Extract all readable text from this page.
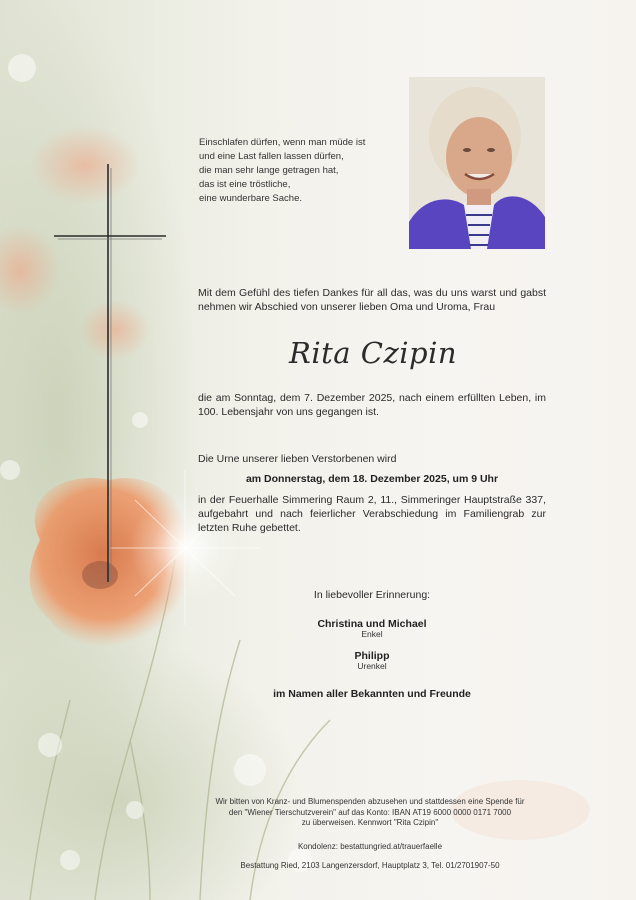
Einschlafen dürfen, wenn man müde ist
und eine Last fallen lassen dürfen,
die man sehr lange getragen hat,
das ist eine tröstliche,
eine wunderbare Sache.
Mit dem Gefühl des tiefen Dankes für all das, was du uns warst und gabst nehmen wir Abschied von unserer lieben Oma und Uroma, Frau
Rita Czipin
die am Sonntag, dem 7. Dezember 2025, nach einem erfüllten Leben, im 100. Lebensjahr von uns gegangen ist.
Die Urne unserer lieben Verstorbenen wird
am Donnerstag, dem 18. Dezember 2025, um 9 Uhr
in der Feuerhalle Simmering Raum 2, 11., Simmeringer Hauptstraße 337, aufgebahrt und nach feierlicher Verabschiedung im Familiengrab zur letzten Ruhe gebettet.
In liebevoller Erinnerung:
Christina und Michael
Enkel
Philipp
Urenkel
im Namen aller Bekannten und Freunde
Wir bitten von Kranz- und Blumenspenden abzusehen und stattdessen eine Spende für
den "Wiener Tierschutzverein" auf das Konto: IBAN AT19 6000 0000 0171 7000
zu überweisen. Kennwort "Rita Czipin"
Kondolenz: bestattungried.at/trauerfaelle
Bestattung Ried, 2103 Langenzersdorf, Hauptplatz 3, Tel. 01/2701907-50
